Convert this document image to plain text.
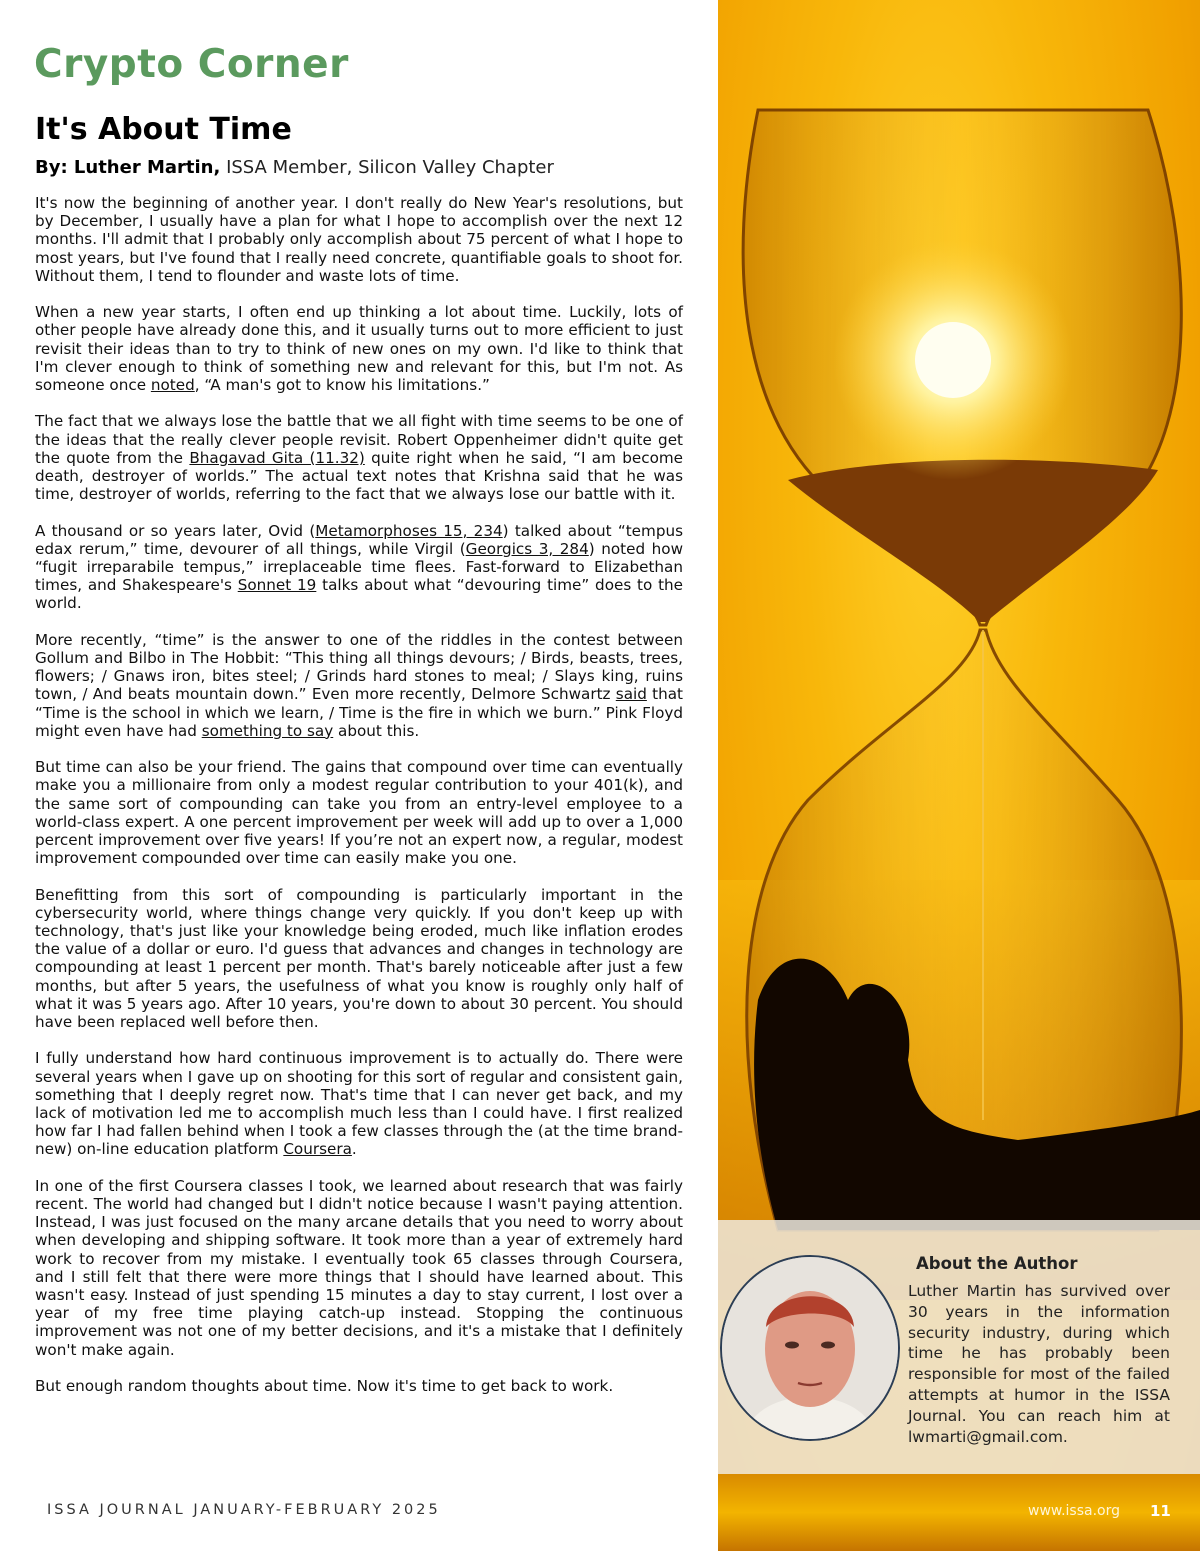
Crypto Corner
It's About Time
By: Luther Martin, ISSA Member, Silicon Valley Chapter

It's now the beginning of another year. I don't really do New Year's resolutions, but by December, I usually have a plan for what I hope to accomplish over the next 12 months. I'll admit that I probably only accomplish about 75 percent of what I hope to most years, but I've found that I really need concrete, quantifiable goals to shoot for. Without them, I tend to flounder and waste lots of time.

When a new year starts, I often end up thinking a lot about time. Luckily, lots of other people have already done this, and it usually turns out to more efficient to just revisit their ideas than to try to think of new ones on my own. I'd like to think that I'm clever enough to think of something new and relevant for this, but I'm not. As someone once noted, “A man's got to know his limitations.”

The fact that we always lose the battle that we all fight with time seems to be one of the ideas that the really clever people revisit. Robert Oppenheimer didn't quite get the quote from the Bhagavad Gita (11.32) quite right when he said, “I am become death, destroyer of worlds.” The actual text notes that Krishna said that he was time, destroyer of worlds, referring to the fact that we always lose our battle with it.

A thousand or so years later, Ovid (Metamorphoses 15, 234) talked about “tempus edax rerum,” time, devourer of all things, while Virgil (Georgics 3, 284) noted how “fugit irreparabile tempus,” irreplaceable time flees. Fast-forward to Elizabethan times, and Shakespeare's Sonnet 19 talks about what “devouring time” does to the world.

More recently, “time” is the answer to one of the riddles in the contest between Gollum and Bilbo in The Hobbit: “This thing all things devours; / Birds, beasts, trees, flowers; / Gnaws iron, bites steel; / Grinds hard stones to meal; / Slays king, ruins town, / And beats mountain down.” Even more recently, Delmore Schwartz said that “Time is the school in which we learn, / Time is the fire in which we burn.” Pink Floyd might even have had something to say about this.

But time can also be your friend. The gains that compound over time can eventually make you a millionaire from only a modest regular contribution to your 401(k), and the same sort of compounding can take you from an entry-level employee to a world-class expert. A one percent improvement per week will add up to over a 1,000 percent improvement over five years! If you’re not an expert now, a regular, modest improvement compounded over time can easily make you one.

Benefitting from this sort of compounding is particularly important in the cybersecurity world, where things change very quickly. If you don't keep up with technology, that's just like your knowledge being eroded, much like inflation erodes the value of a dollar or euro. I'd guess that advances and changes in technology are compounding at least 1 percent per month. That's barely noticeable after just a few months, but after 5 years, the usefulness of what you know is roughly only half of what it was 5 years ago. After 10 years, you're down to about 30 percent. You should have been replaced well before then.

I fully understand how hard continuous improvement is to actually do. There were several years when I gave up on shooting for this sort of regular and consistent gain, something that I deeply regret now. That's time that I can never get back, and my lack of motivation led me to accomplish much less than I could have. I first realized how far I had fallen behind when I took a few classes through the (at the time brand-new) on-line education platform Coursera.

In one of the first Coursera classes I took, we learned about research that was fairly recent. The world had changed but I didn't notice because I wasn't paying attention. Instead, I was just focused on the many arcane details that you need to worry about when developing and shipping software. It took more than a year of extremely hard work to recover from my mistake. I eventually took 65 classes through Coursera, and I still felt that there were more things that I should have learned about. This wasn't easy. Instead of just spending 15 minutes a day to stay current, I lost over a year of my free time playing catch-up instead. Stopping the continuous improvement was not one of my better decisions, and it's a mistake that I definitely won't make again.

But enough random thoughts about time. Now it's time to get back to work.

ISSA JOURNAL JANUARY-FEBRUARY 2025
About the Author
Luther Martin has survived over 30 years in the information security industry, during which time he has probably been responsible for most of the failed attempts at humor in the ISSA Journal. You can reach him at lwmarti@gmail.com.
www.issa.org 11
